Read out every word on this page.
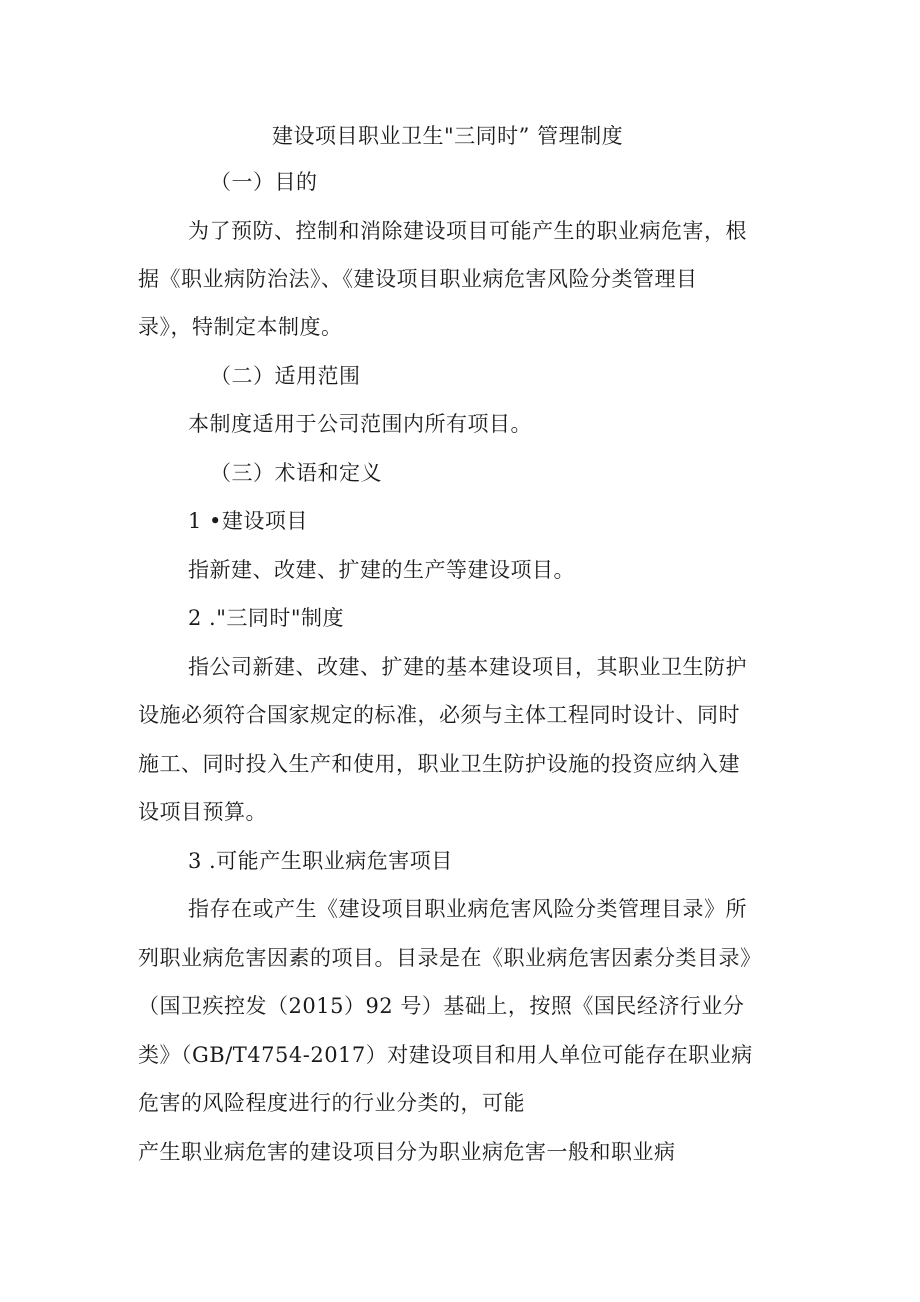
建设项目职业卫生"三同时” 管理制度
（一）目的
为了预防、控制和消除建设项目可能产生的职业病危害，根
据《职业病防治法》、《建设项目职业病危害风险分类管理目
录》，特制定本制度。
（二）适用范围
本制度适用于公司范围内所有项目。
（三）术语和定义
1 •建设项目
指新建、改建、扩建的生产等建设项目。
2 ."三同时"制度
指公司新建、改建、扩建的基本建设项目，其职业卫生防护
设施必须符合国家规定的标准，必须与主体工程同时设计、同时
施工、同时投入生产和使用，职业卫生防护设施的投资应纳入建
设项目预算。
3 .可能产生职业病危害项目
指存在或产生《建设项目职业病危害风险分类管理目录》所
列职业病危害因素的项目。目录是在《职业病危害因素分类目录》
（国卫疾控发（2015）92 号）基础上，按照《国民经济行业分
类》（GB/T4754-2017）对建设项目和用人单位可能存在职业病
危害的风险程度进行的行业分类的，可能
产生职业病危害的建设项目分为职业病危害一般和职业病
